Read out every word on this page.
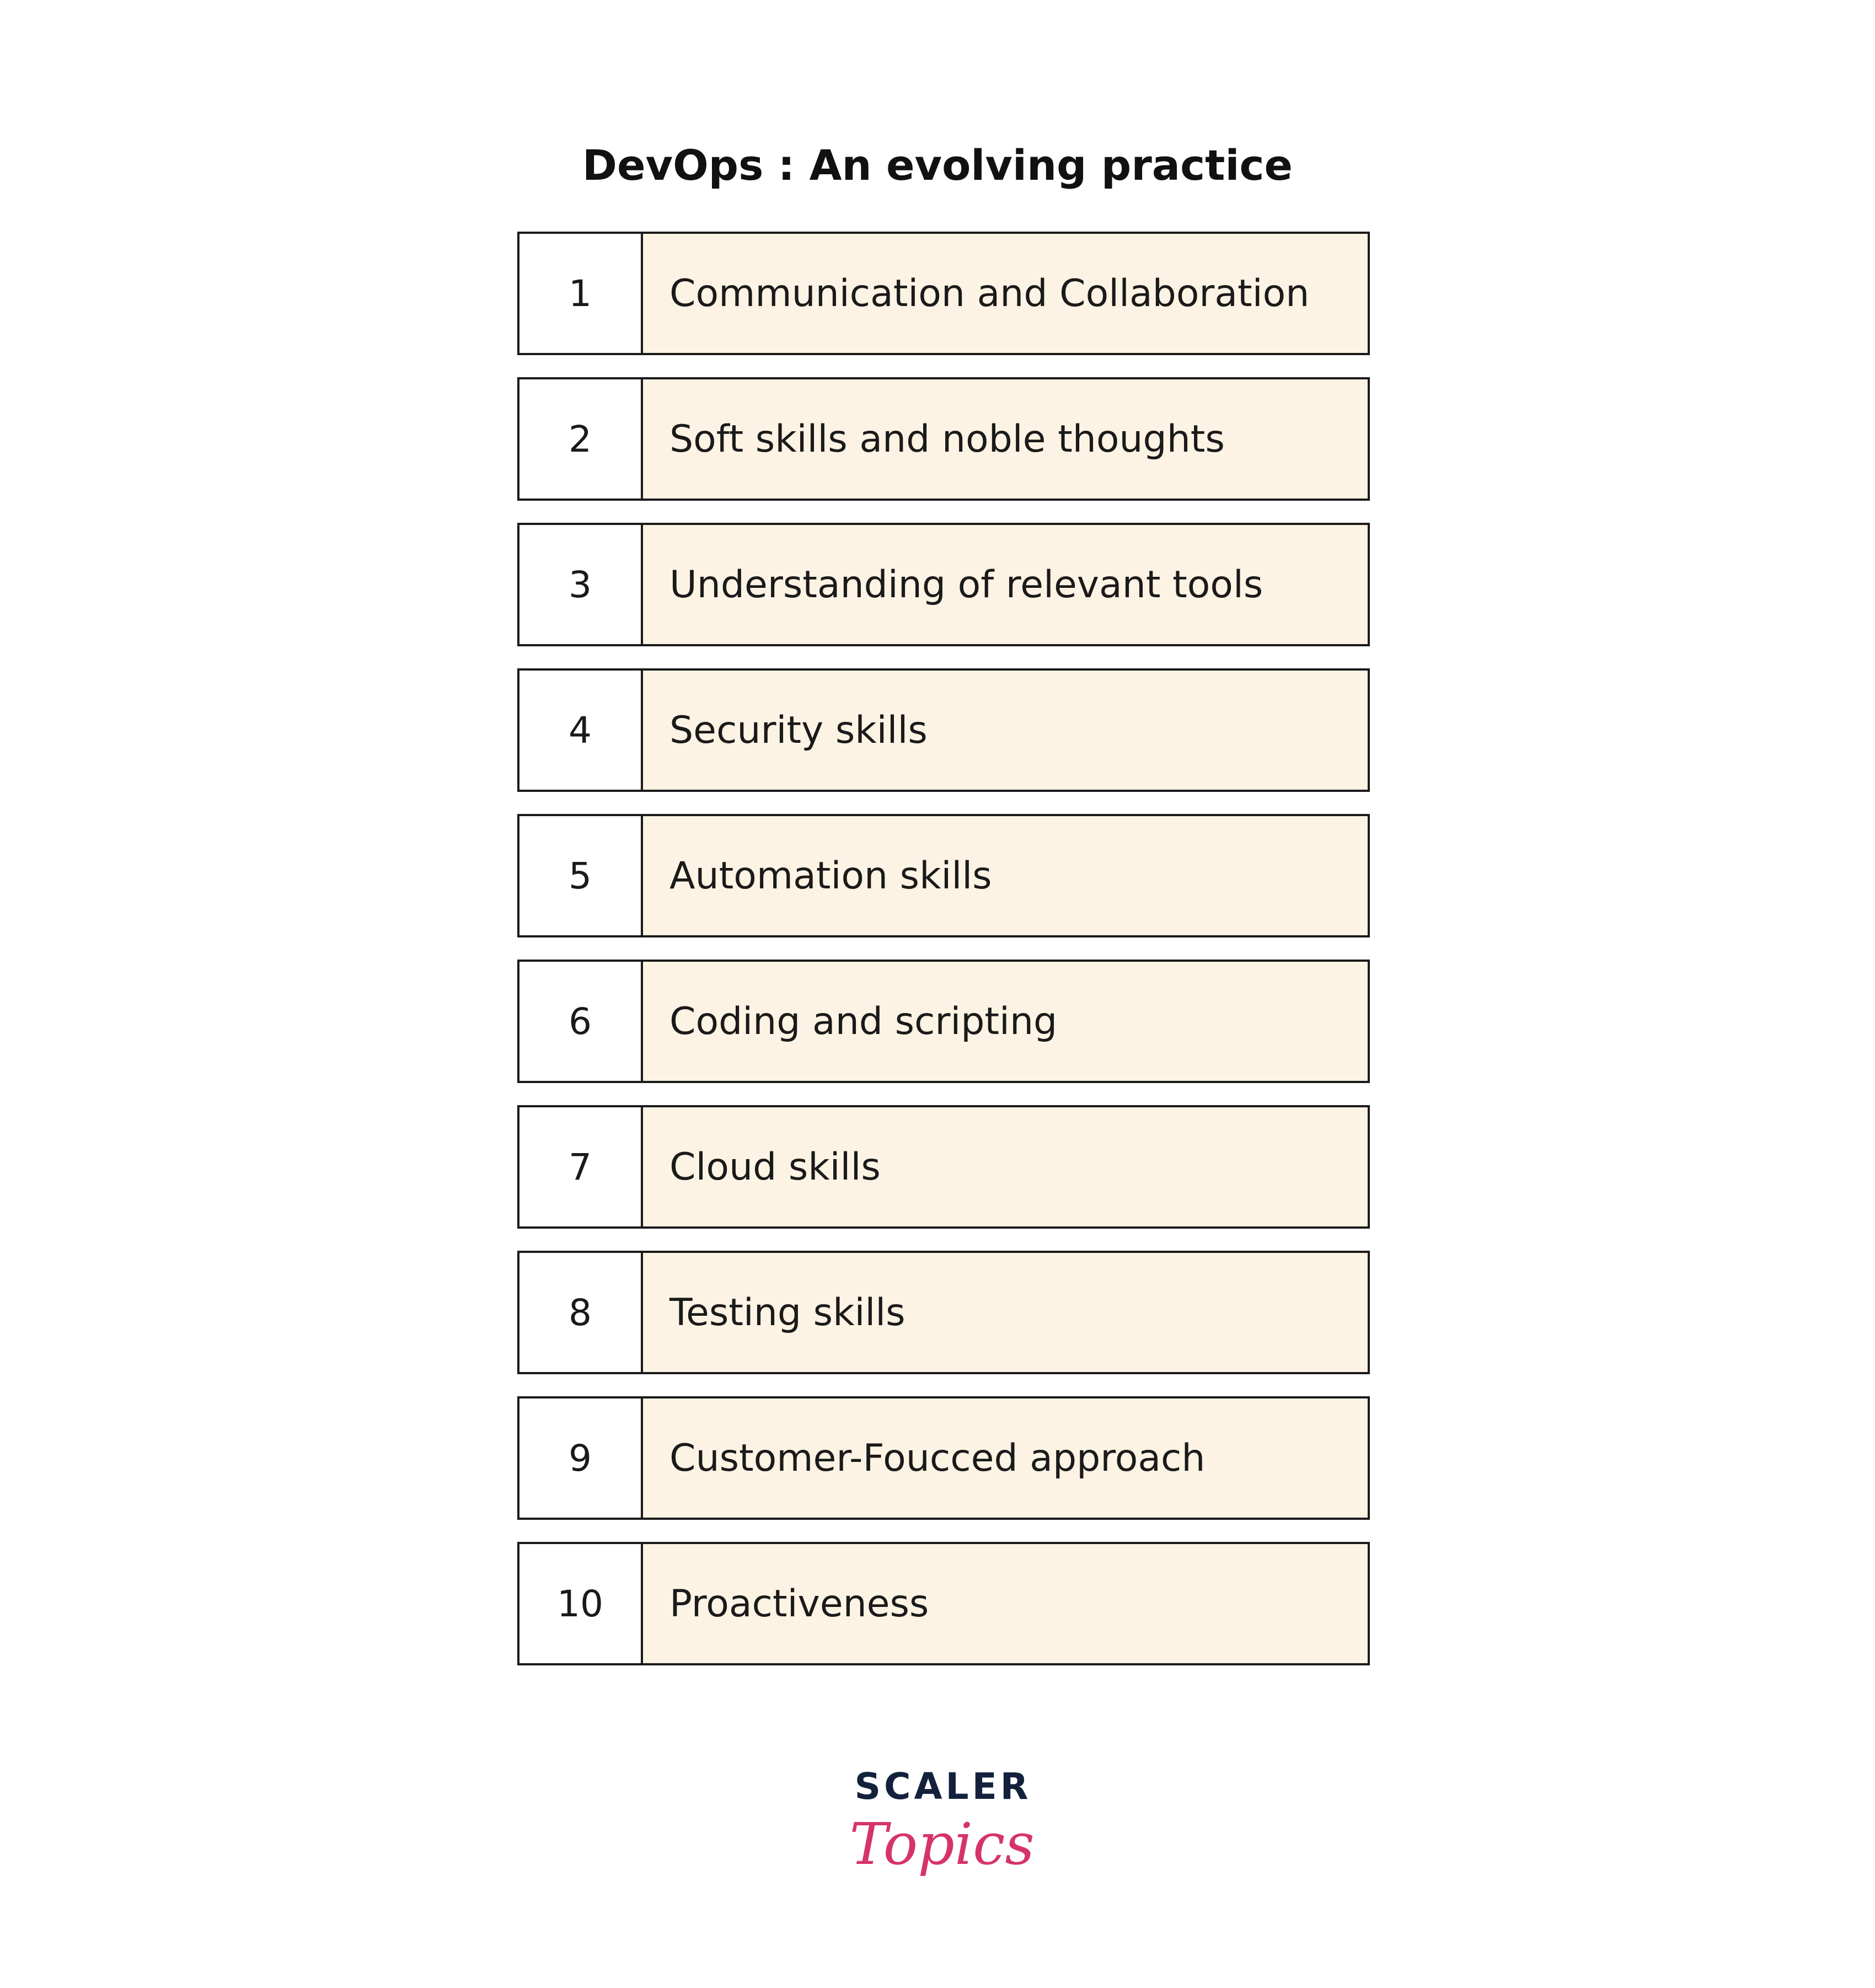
DevOps : An evolving practice
1	Communication and Collaboration
2	Soft skills and noble thoughts
3	Understanding of relevant tools
4	Security skills
5	Automation skills
6	Coding and scripting
7	Cloud skills
8	Testing skills
9	Customer-Foucced approach
10	Proactiveness
SCALER
Topics
